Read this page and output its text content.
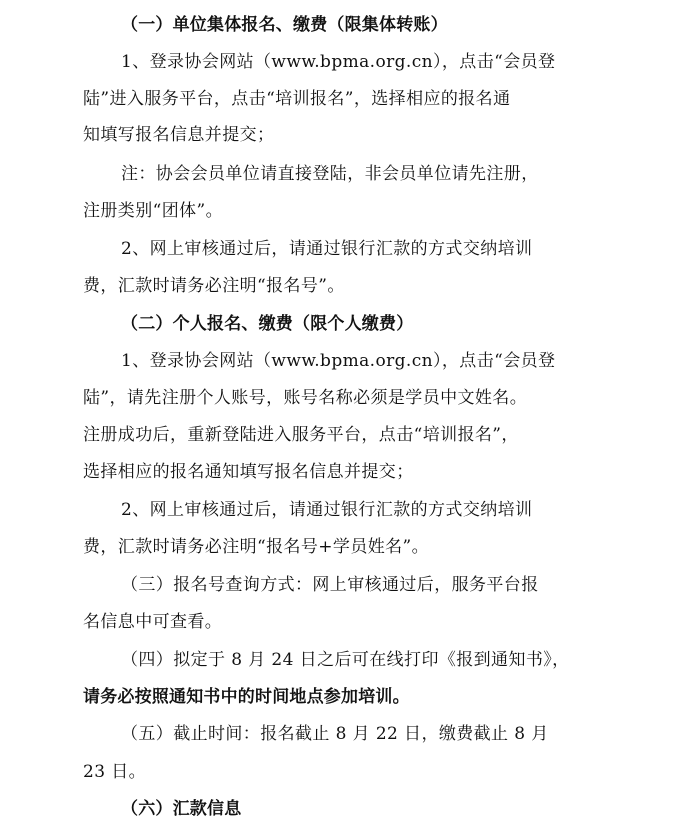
（一）单位集体报名、缴费（限集体转账）
1、登录协会网站（www.bpma.org.cn），点击“会员登
陆”进入服务平台，点击“培训报名”，选择相应的报名通
知填写报名信息并提交；
注：协会会员单位请直接登陆，非会员单位请先注册，
注册类别“团体”。
2、网上审核通过后，请通过银行汇款的方式交纳培训
费，汇款时请务必注明“报名号”。
（二）个人报名、缴费（限个人缴费）
1、登录协会网站（www.bpma.org.cn），点击“会员登
陆”，请先注册个人账号，账号名称必须是学员中文姓名。
注册成功后，重新登陆进入服务平台，点击“培训报名”，
选择相应的报名通知填写报名信息并提交；
2、网上审核通过后，请通过银行汇款的方式交纳培训
费，汇款时请务必注明“报名号+学员姓名”。
（三）报名号查询方式：网上审核通过后，服务平台报
名信息中可查看。
（四）拟定于 8 月 24 日之后可在线打印《报到通知书》，
请务必按照通知书中的时间地点参加培训。
（五）截止时间：报名截止 8 月 22 日，缴费截止 8 月
23 日。
（六）汇款信息
